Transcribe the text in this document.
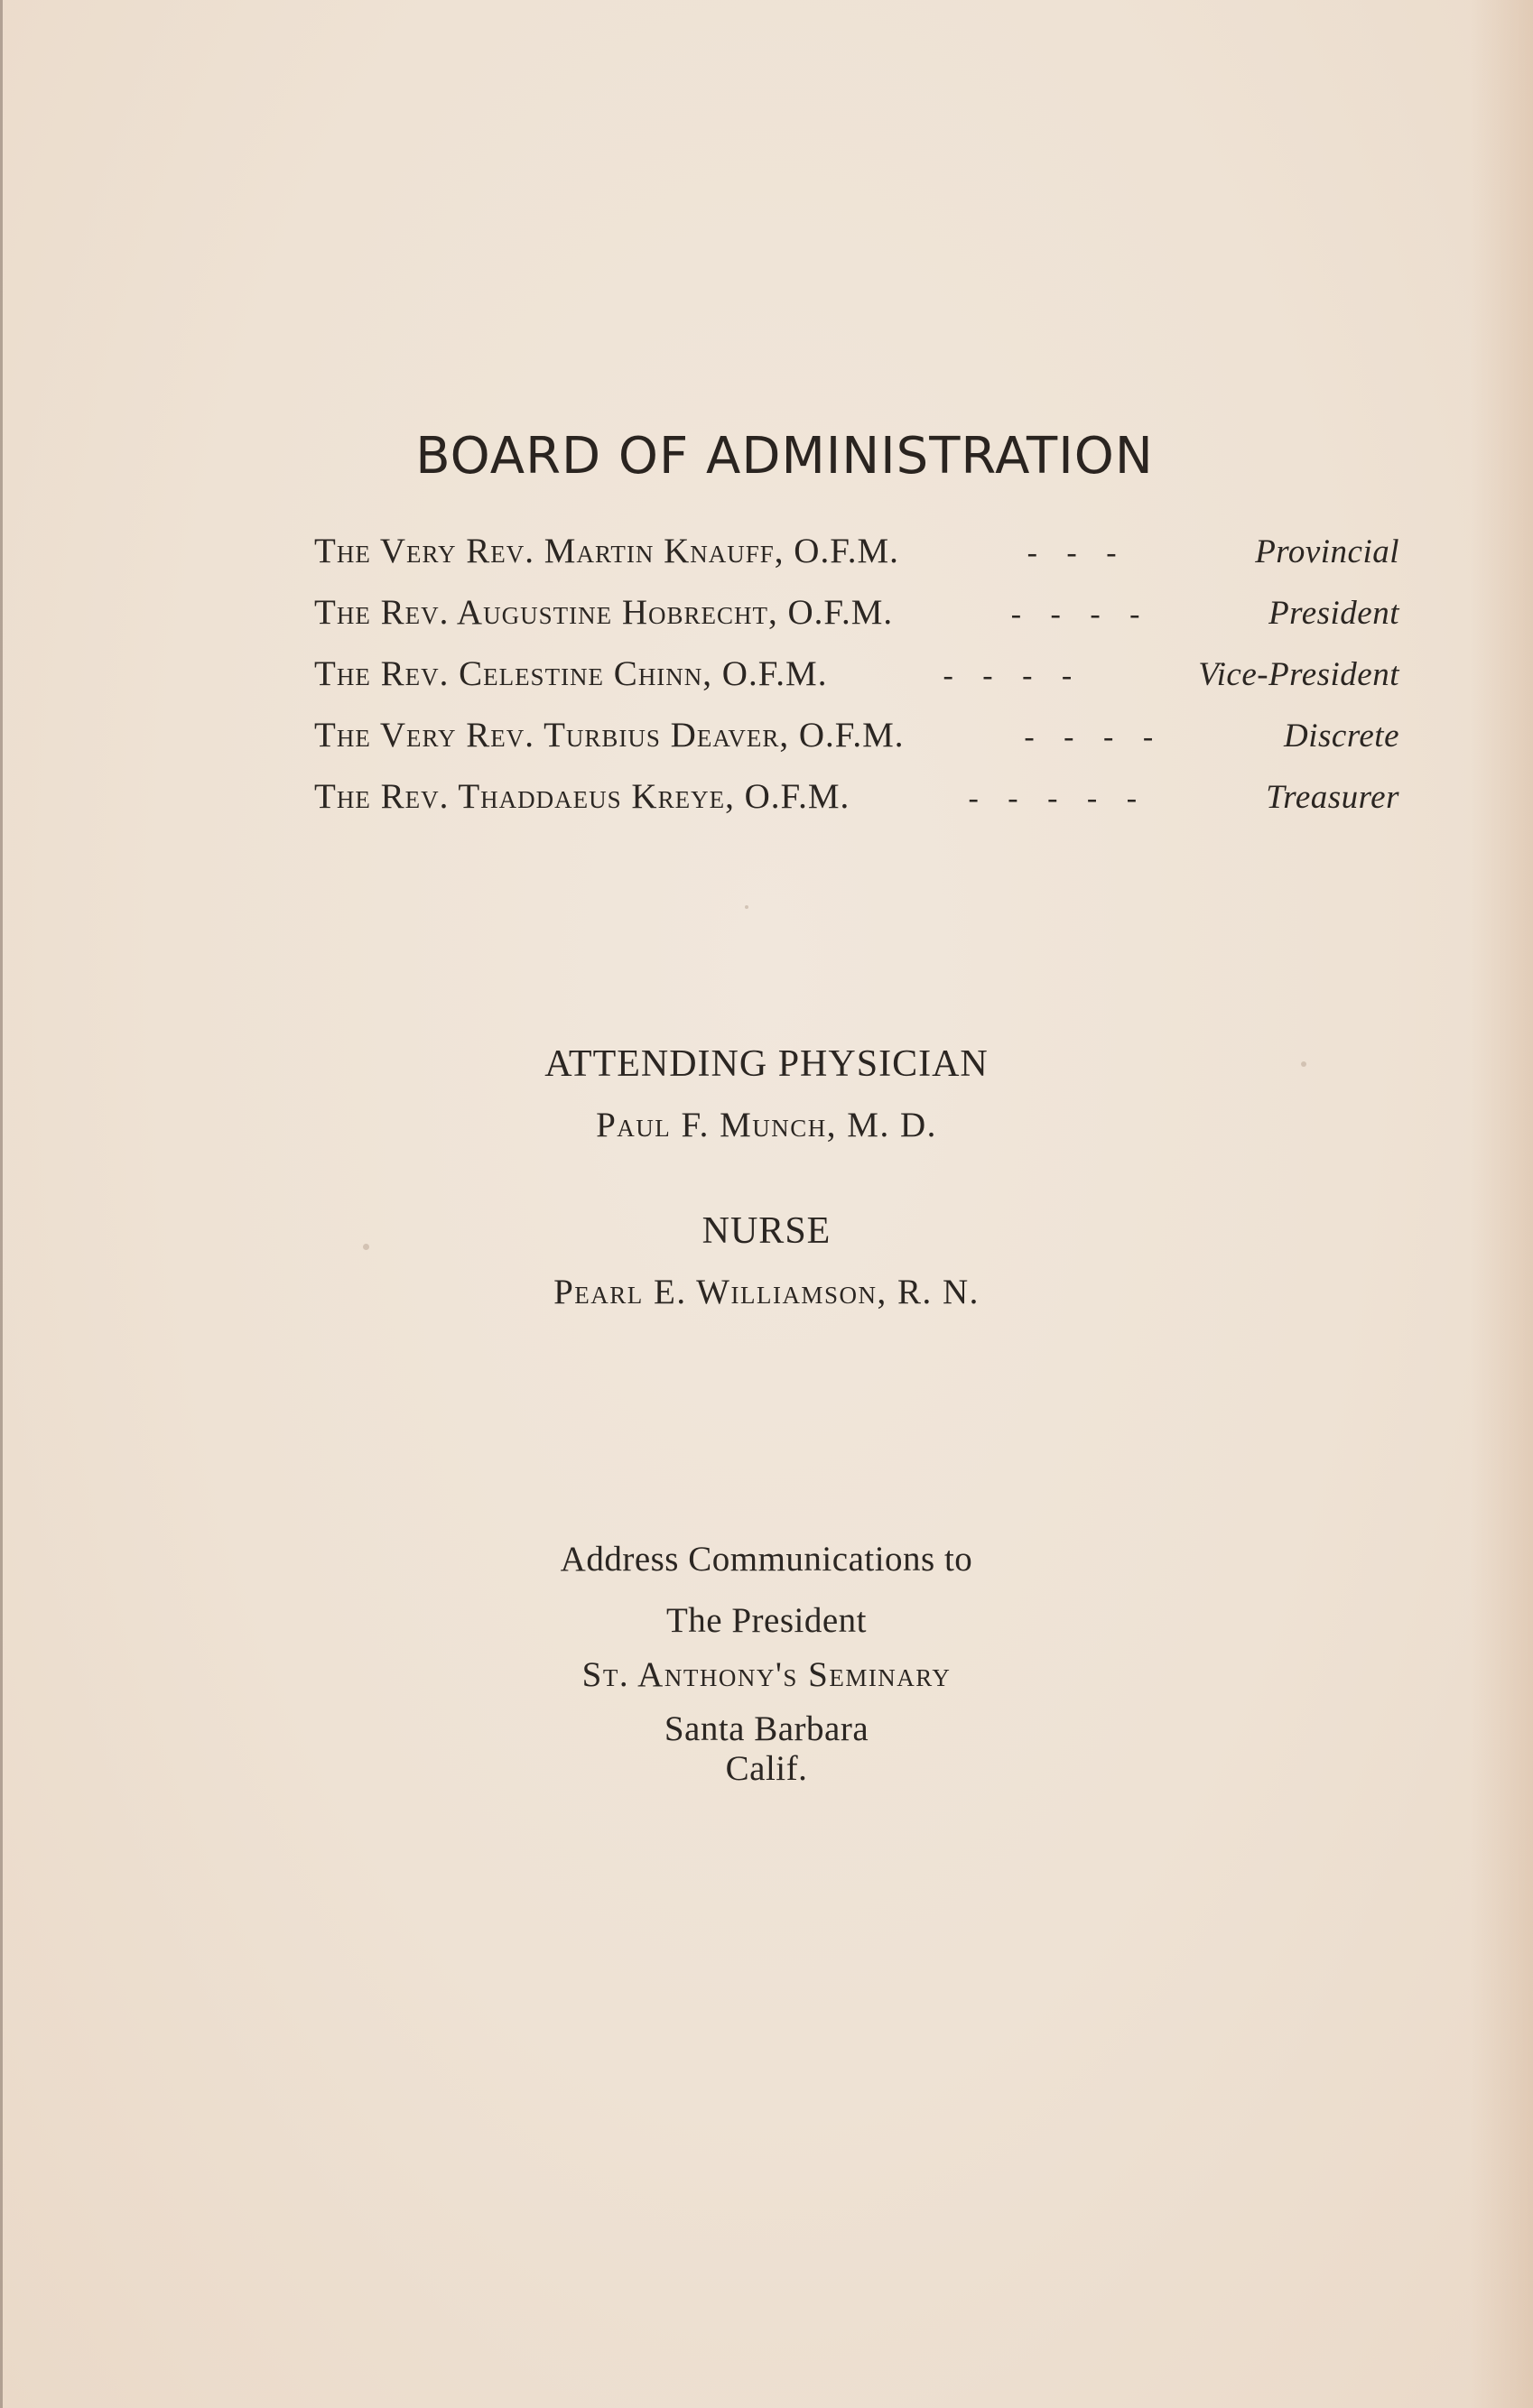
BOARD OF ADMINISTRATION
The Very Rev. Martin Knauff, O.F.M.	- - -	Provincial
The Rev. Augustine Hobrecht, O.F.M.	- - - -	President
The Rev. Celestine Chinn, O.F.M.	- - - -	Vice-President
The Very Rev. Turbius Deaver, O.F.M.	- - - -	Discrete
The Rev. Thaddaeus Kreye, O.F.M.	- - - - -	Treasurer
ATTENDING PHYSICIAN
Paul F. Munch, M. D.
NURSE
Pearl E. Williamson, R. N.
Address Communications to
The President
St. Anthony's Seminary
Santa Barbara
Calif.
